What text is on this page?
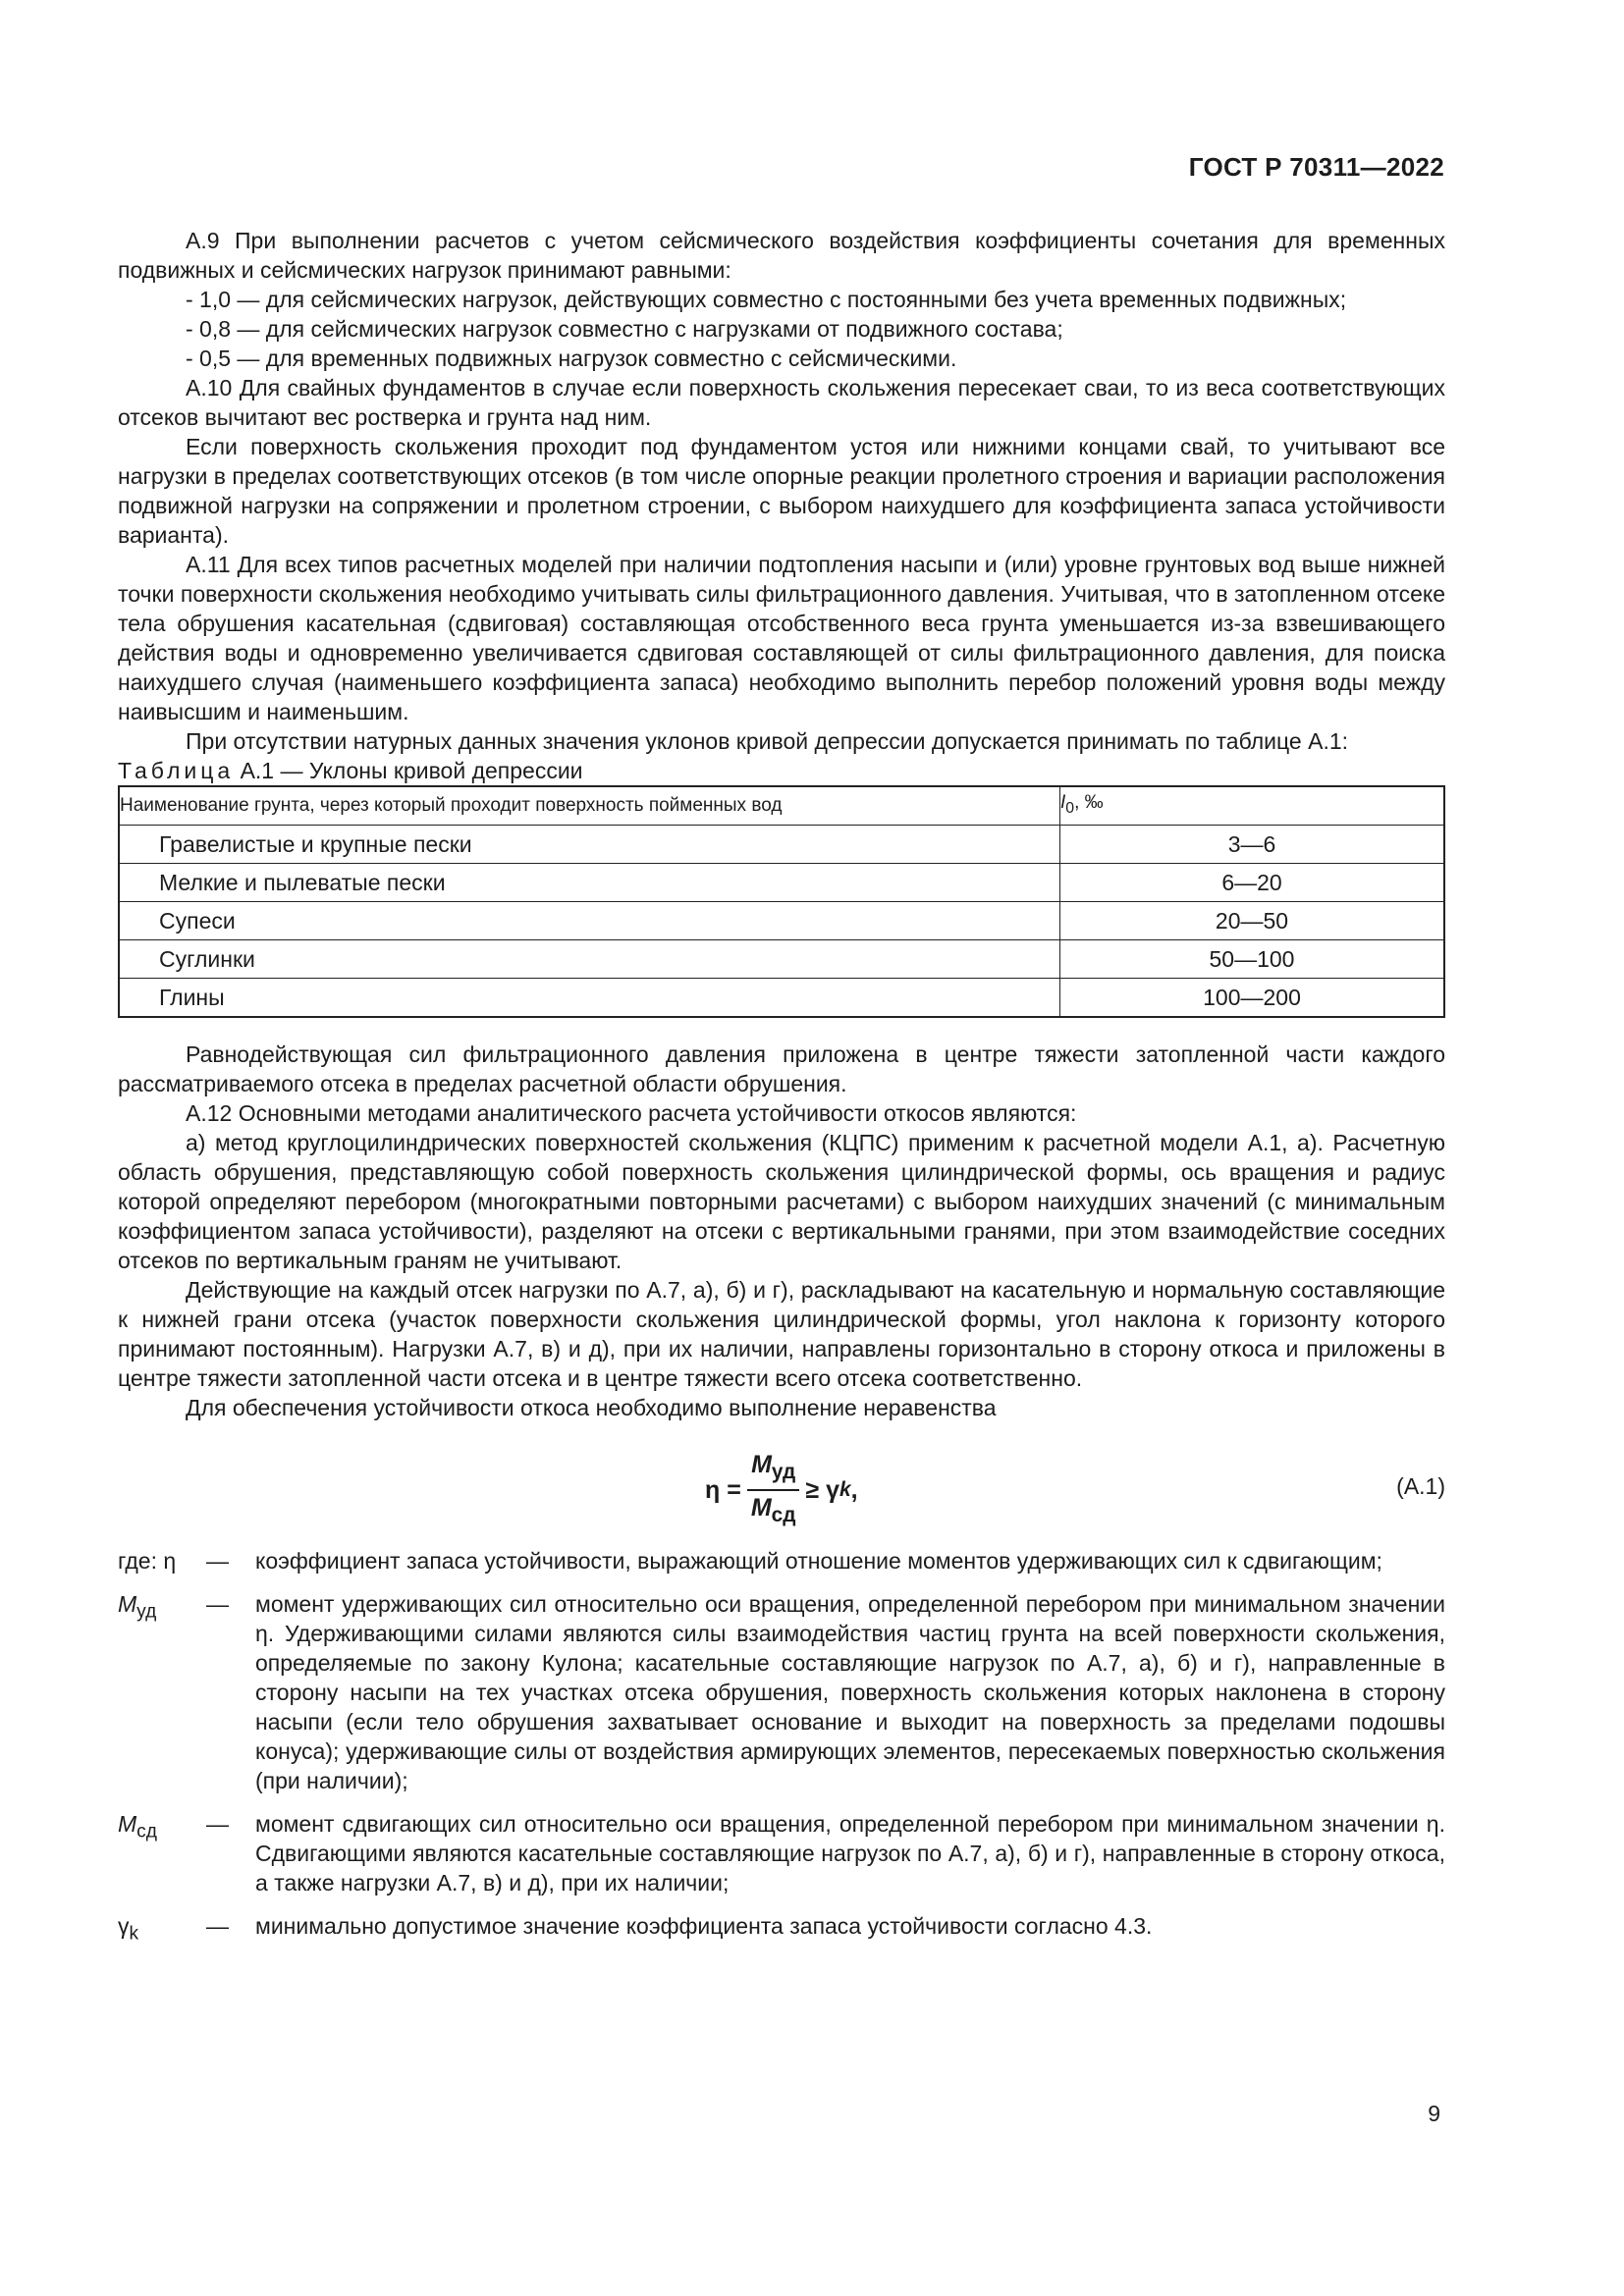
ГОСТ Р 70311—2022

А.9 При выполнении расчетов с учетом сейсмического воздействия коэффициенты сочетания для временных подвижных и сейсмических нагрузок принимают равными:

- 1,0 — для сейсмических нагрузок, действующих совместно с постоянными без учета временных подвижных;

- 0,8 — для сейсмических нагрузок совместно с нагрузками от подвижного состава;

- 0,5 — для временных подвижных нагрузок совместно с сейсмическими.

А.10 Для свайных фундаментов в случае если поверхность скольжения пересекает сваи, то из веса соответствующих отсеков вычитают вес ростверка и грунта над ним.

Если поверхность скольжения проходит под фундаментом устоя или нижними концами свай, то учитывают все нагрузки в пределах соответствующих отсеков (в том числе опорные реакции пролетного строения и вариации расположения подвижной нагрузки на сопряжении и пролетном строении, с выбором наихудшего для коэффициента запаса устойчивости варианта).

А.11 Для всех типов расчетных моделей при наличии подтопления насыпи и (или) уровне грунтовых вод выше нижней точки поверхности скольжения необходимо учитывать силы фильтрационного давления. Учитывая, что в затопленном отсеке тела обрушения касательная (сдвиговая) составляющая отсобственного веса грунта уменьшается из-за взвешивающего действия воды и одновременно увеличивается сдвиговая составляющей от силы фильтрационного давления, для поиска наихудшего случая (наименьшего коэффициента запаса) необходимо выполнить перебор положений уровня воды между наивысшим и наименьшим.

При отсутствии натурных данных значения уклонов кривой депрессии допускается принимать по таблице А.1:

Таблица А.1 — Уклоны кривой депрессии

Наименование грунта, через который проходит поверхность пойменных вод	$I_0$, ‰
Гравелистые и крупные пески	3—6
Мелкие и пылеватые пески	6—20
Супеси	20—50
Суглинки	50—100
Глины	100—200

Равнодействующая сил фильтрационного давления приложена в центре тяжести затопленной части каждого рассматриваемого отсека в пределах расчетной области обрушения.

А.12 Основными методами аналитического расчета устойчивости откосов являются:

а) метод круглоцилиндрических поверхностей скольжения (КЦПС) применим к расчетной модели А.1, а). Расчетную область обрушения, представляющую собой поверхность скольжения цилиндрической формы, ось вращения и радиус которой определяют перебором (многократными повторными расчетами) с выбором наихудших значений (с минимальным коэффициентом запаса устойчивости), разделяют на отсеки с вертикальными гранями, при этом взаимодействие соседних отсеков по вертикальным граням не учитывают.

Действующие на каждый отсек нагрузки по А.7, а), б) и г), раскладывают на касательную и нормальную составляющие к нижней грани отсека (участок поверхности скольжения цилиндрической формы, угол наклона к горизонту которого принимают постоянным). Нагрузки А.7, в) и д), при их наличии, направлены горизонтально в сторону откоса и приложены в центре тяжести затопленной части отсека и в центре тяжести всего отсека соответственно.

Для обеспечения устойчивости откоса необходимо выполнение неравенства

$\eta = \frac{M_{уд}}{M_{сд}} \ge \gamma$ k ,	(А.1)
где: η	—	коэффициент запаса устойчивости, выражающий отношение моментов удерживающих сил к сдвигающим;
$M_{уд}$	—	момент удерживающих сил относительно оси вращения, определенной перебором при минимальном значении η. Удерживающими силами являются силы взаимодействия частиц грунта на всей поверхности скольжения, определяемые по закону Кулона; касательные составляющие нагрузок по А.7, а), б) и г), направленные в сторону насыпи на тех участках отсека обрушения, поверхность скольжения которых наклонена в сторону насыпи (если тело обрушения захватывает основание и выходит на поверхность за пределами подошвы конуса); удерживающие силы от воздействия армирующих элементов, пересекаемых поверхностью скольжения (при наличии);
$M_{сд}$	—	момент сдвигающих сил относительно оси вращения, определенной перебором при минимальном значении η. Сдвигающими являются касательные составляющие нагрузок по А.7, а), б) и г), направленные в сторону откоса, а также нагрузки А.7, в) и д), при их наличии;
$\gamma_k$	—	минимально допустимое значение коэффициента запаса устойчивости согласно 4.3.
9
